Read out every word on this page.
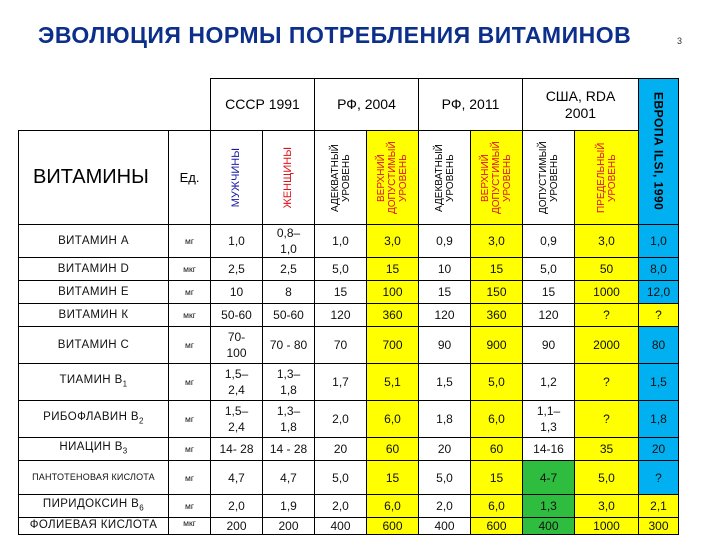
ЭВОЛЮЦИЯ НОРМЫ ПОТРЕБЛЕНИЯ ВИТАМИНОВ	3
		СССР 1991		РФ, 2004		РФ, 2011		США, RDA 2001		ЕВРОПА ILSI, 1990

ВИТАМИНЫ	Ед.	МУЖЧИНЫ	ЖЕНЩИНЫ	АДЕКВАТНЫЙ УРОВЕНЬ	ВЕРХНИЙ ДОПУСТИМЫЙ УРОВЕНЬ	АДЕКВАТНЫЙ УРОВЕНЬ	ВЕРХНИЙ ДОПУСТИМЫЙ УРОВЕНЬ	ДОПУСТИМЫЙ УРОВЕНЬ	ПРЕДЕЛЬНЫЙ УРОВЕНЬ	

ВИТАМИН А	мг	1,0	0,8–1,0	1,0	3,0	0,9	3,0	0,9	3,0	1,0

ВИТАМИН D	мкг	2,5	2,5	5,0	15	10	15	5,0	50	8,0

ВИТАМИН Е	мг	10	8	15	100	15	150	15	1000	12,0

ВИТАМИН К	мкг	50-60	50-60	120	360	120	360	120	?	?

ВИТАМИН С	мг	70- 100	70 - 80	70	700	90	900	90	2000	80

ТИАМИН $В_1$	мг	1,5– 2,4	1,3– 1,8	1,7	5,1	1,5	5,0	1,2	?	1,5

РИБОФЛАВИН $В_2$	мг	1,5– 2,4	1,3– 1,8	2,0	6,0	1,8	6,0	1,1– 1,3	?	1,8

НИАЦИН $В_3$	мг	14- 28	14 - 28	20	60	20	60	14-16	35	20

ПАНТОТЕНОВАЯ КИСЛОТА	мг	4,7	4,7	5,0	15	5,0	15	4-7	5,0	?

ПИРИДОКСИН $В_6$	мг	2,0	1,9	2,0	6,0	2,0	6,0	1,3	3,0	2,1

ФОЛИЕВАЯ КИСЛОТА	мкг	200	200	400	600	400	600	400	1000	300
